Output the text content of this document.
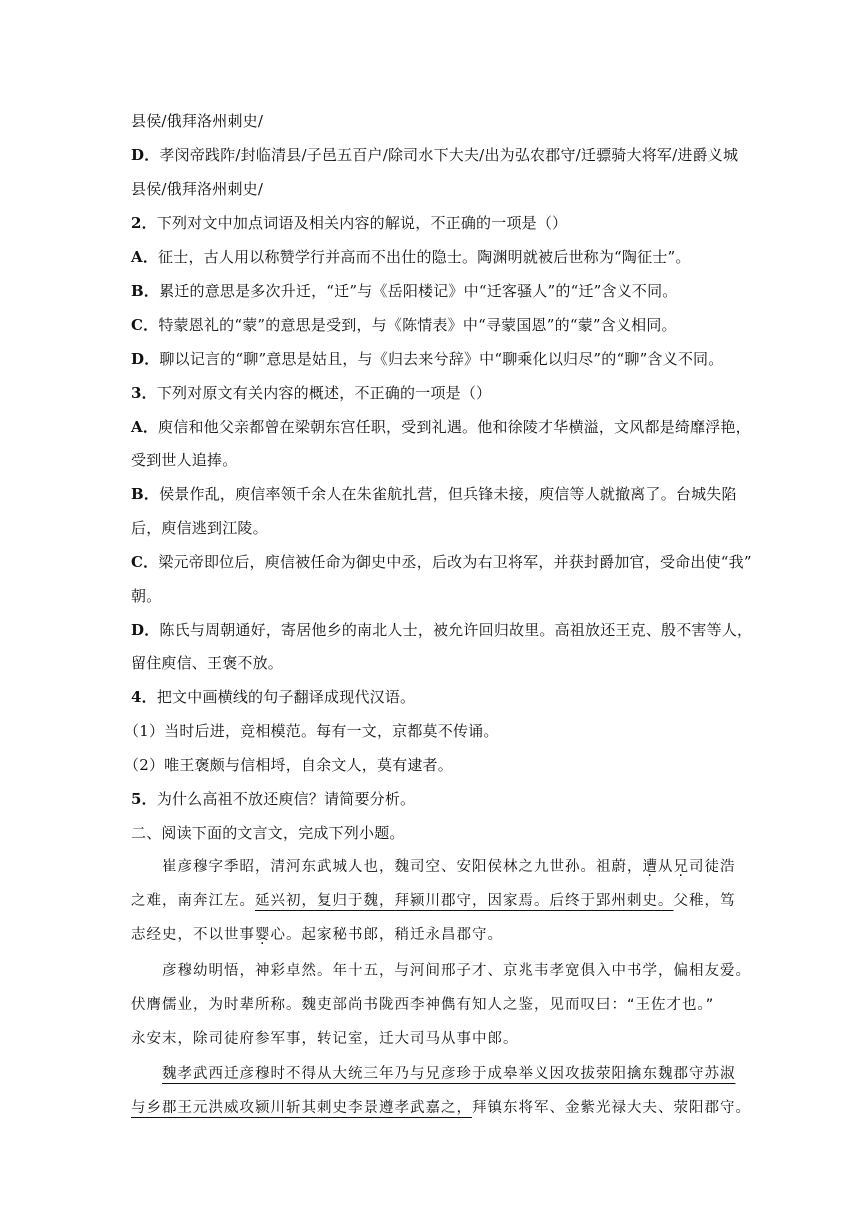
县侯/俄拜洛州刺史/
D．孝闵帝践阼/封临清县/子邑五百户/除司水下大夫/出为弘农郡守/迁骠骑大将军/进爵义城
县侯/俄拜洛州刺史/
2．下列对文中加点词语及相关内容的解说，不正确的一项是（）
A．征士，古人用以称赞学行并高而不出仕的隐士。陶渊明就被后世称为“陶征士”。
B．累迁的意思是多次升迁，“迁”与《岳阳楼记》中“迁客骚人”的“迁”含义不同。
C．特蒙恩礼的“蒙”的意思是受到，与《陈情表》中“寻蒙国恩”的“蒙”含义相同。
D．聊以记言的“聊”意思是姑且，与《归去来兮辞》中“聊乘化以归尽”的“聊”含义不同。
3．下列对原文有关内容的概述，不正确的一项是（）
A．庾信和他父亲都曾在梁朝东宫任职，受到礼遇。他和徐陵才华横溢，文风都是绮靡浮艳，
受到世人追捧。
B．侯景作乱，庾信率领千余人在朱雀航扎营，但兵锋未接，庾信等人就撤离了。台城失陷
后，庾信逃到江陵。
C．梁元帝即位后，庾信被任命为御史中丞，后改为右卫将军，并获封爵加官，受命出使“我”
朝。
D．陈氏与周朝通好，寄居他乡的南北人士，被允许回归故里。高祖放还王克、殷不害等人，
留住庾信、王褒不放。
4．把文中画横线的句子翻译成现代汉语。
（1）当时后进，竞相模范。每有一文，京都莫不传诵。
（2）唯王褒颇与信相埒，自余文人，莫有逮者。
5．为什么高祖不放还庾信？请简要分析。
二、阅读下面的文言文，完成下列小题。
崔彦穆字季昭，清河东武城人也，魏司空、安阳侯林之九世孙。祖蔚，遭从兄司徒浩
之难，南奔江左。延兴初，复归于魏，拜颍川郡守，因家焉。后终于郢州刺史。父稚，笃
志经史，不以世事婴心。起家秘书郎，稍迁永昌郡守。
彦穆幼明悟，神彩卓然。年十五，与河间邢子才、京兆韦孝宽俱入中书学，偏相友爱。
伏膺儒业，为时辈所称。魏吏部尚书陇西李神儁有知人之鉴，见而叹曰：“王佐才也。”
永安末，除司徒府参军事，转记室，迁大司马从事中郎。
魏孝武西迁彦穆时不得从大统三年乃与兄彦珍于成皋举义因攻拔荥阳擒东魏郡守苏淑
与乡郡王元洪威攻颍川斩其刺史李景遵孝武嘉之，拜镇东将军、金紫光禄大夫、荥阳郡守。
